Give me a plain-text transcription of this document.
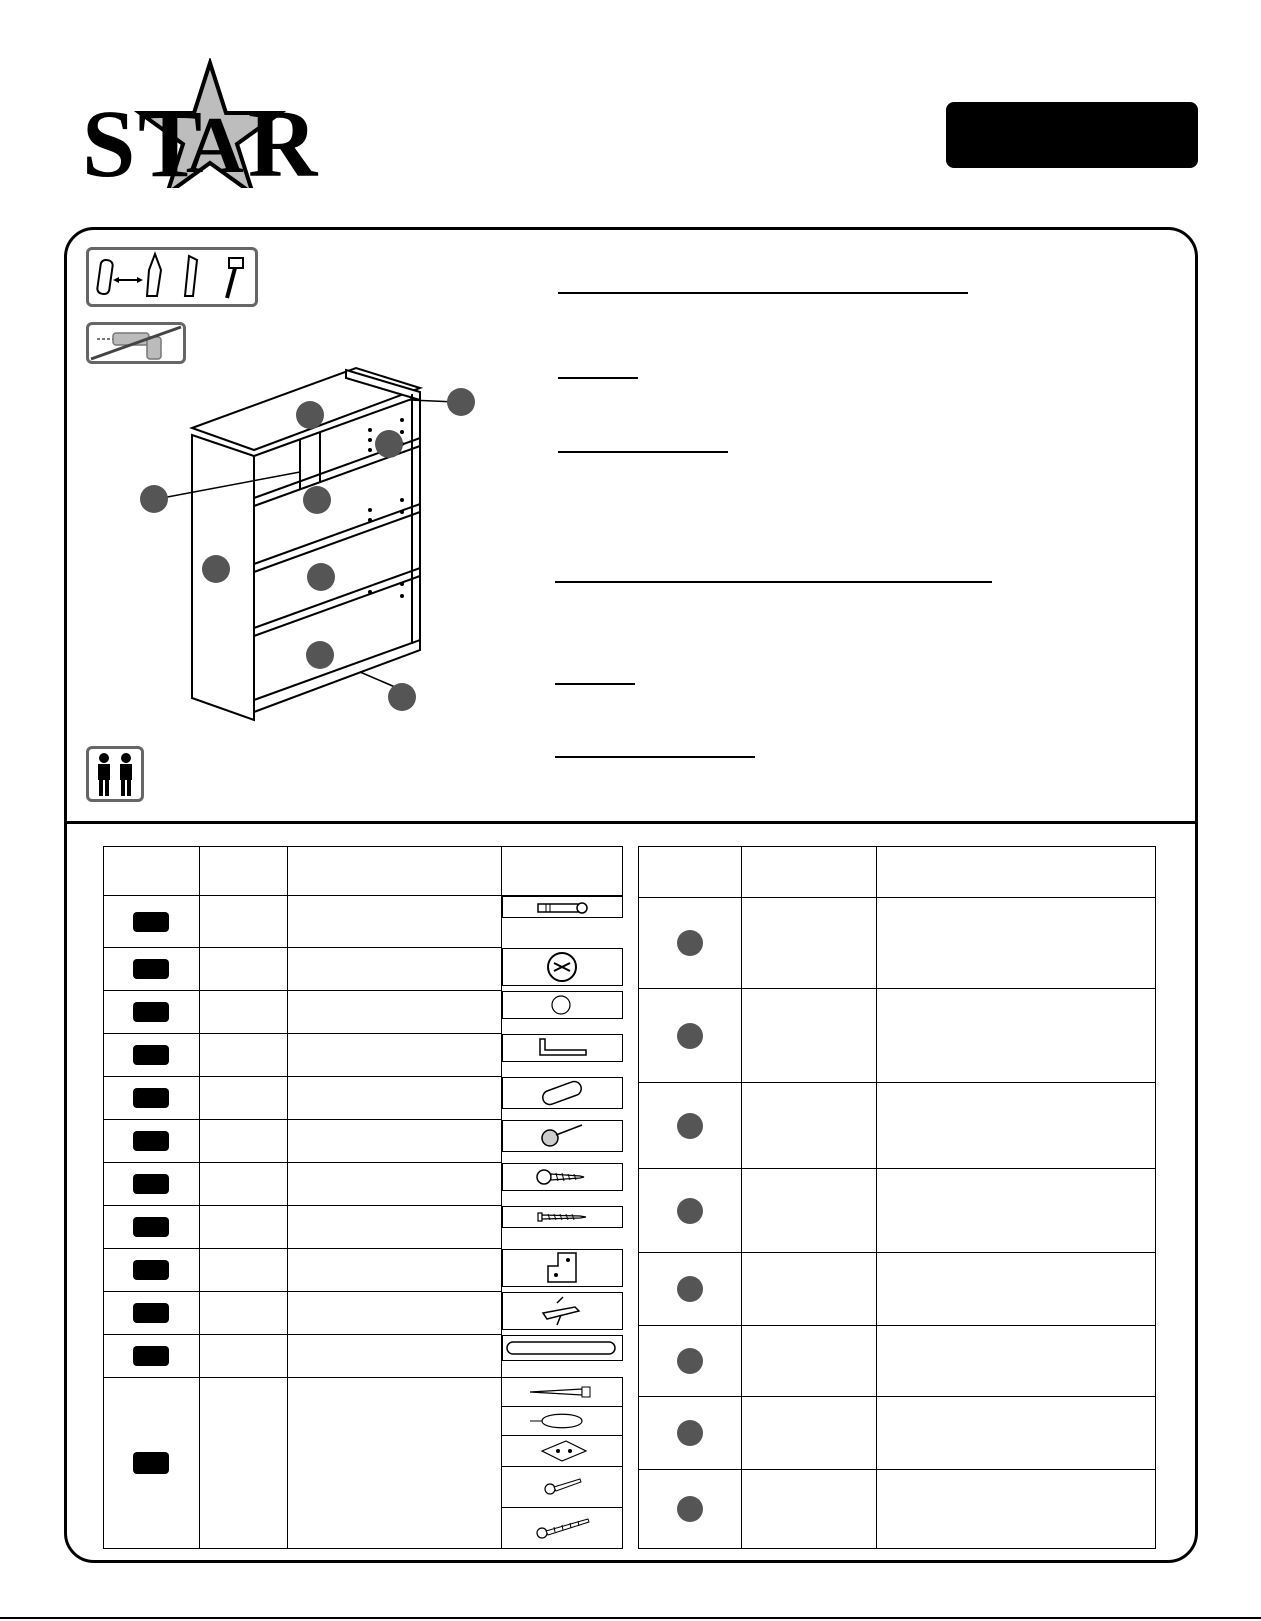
S T
A R
